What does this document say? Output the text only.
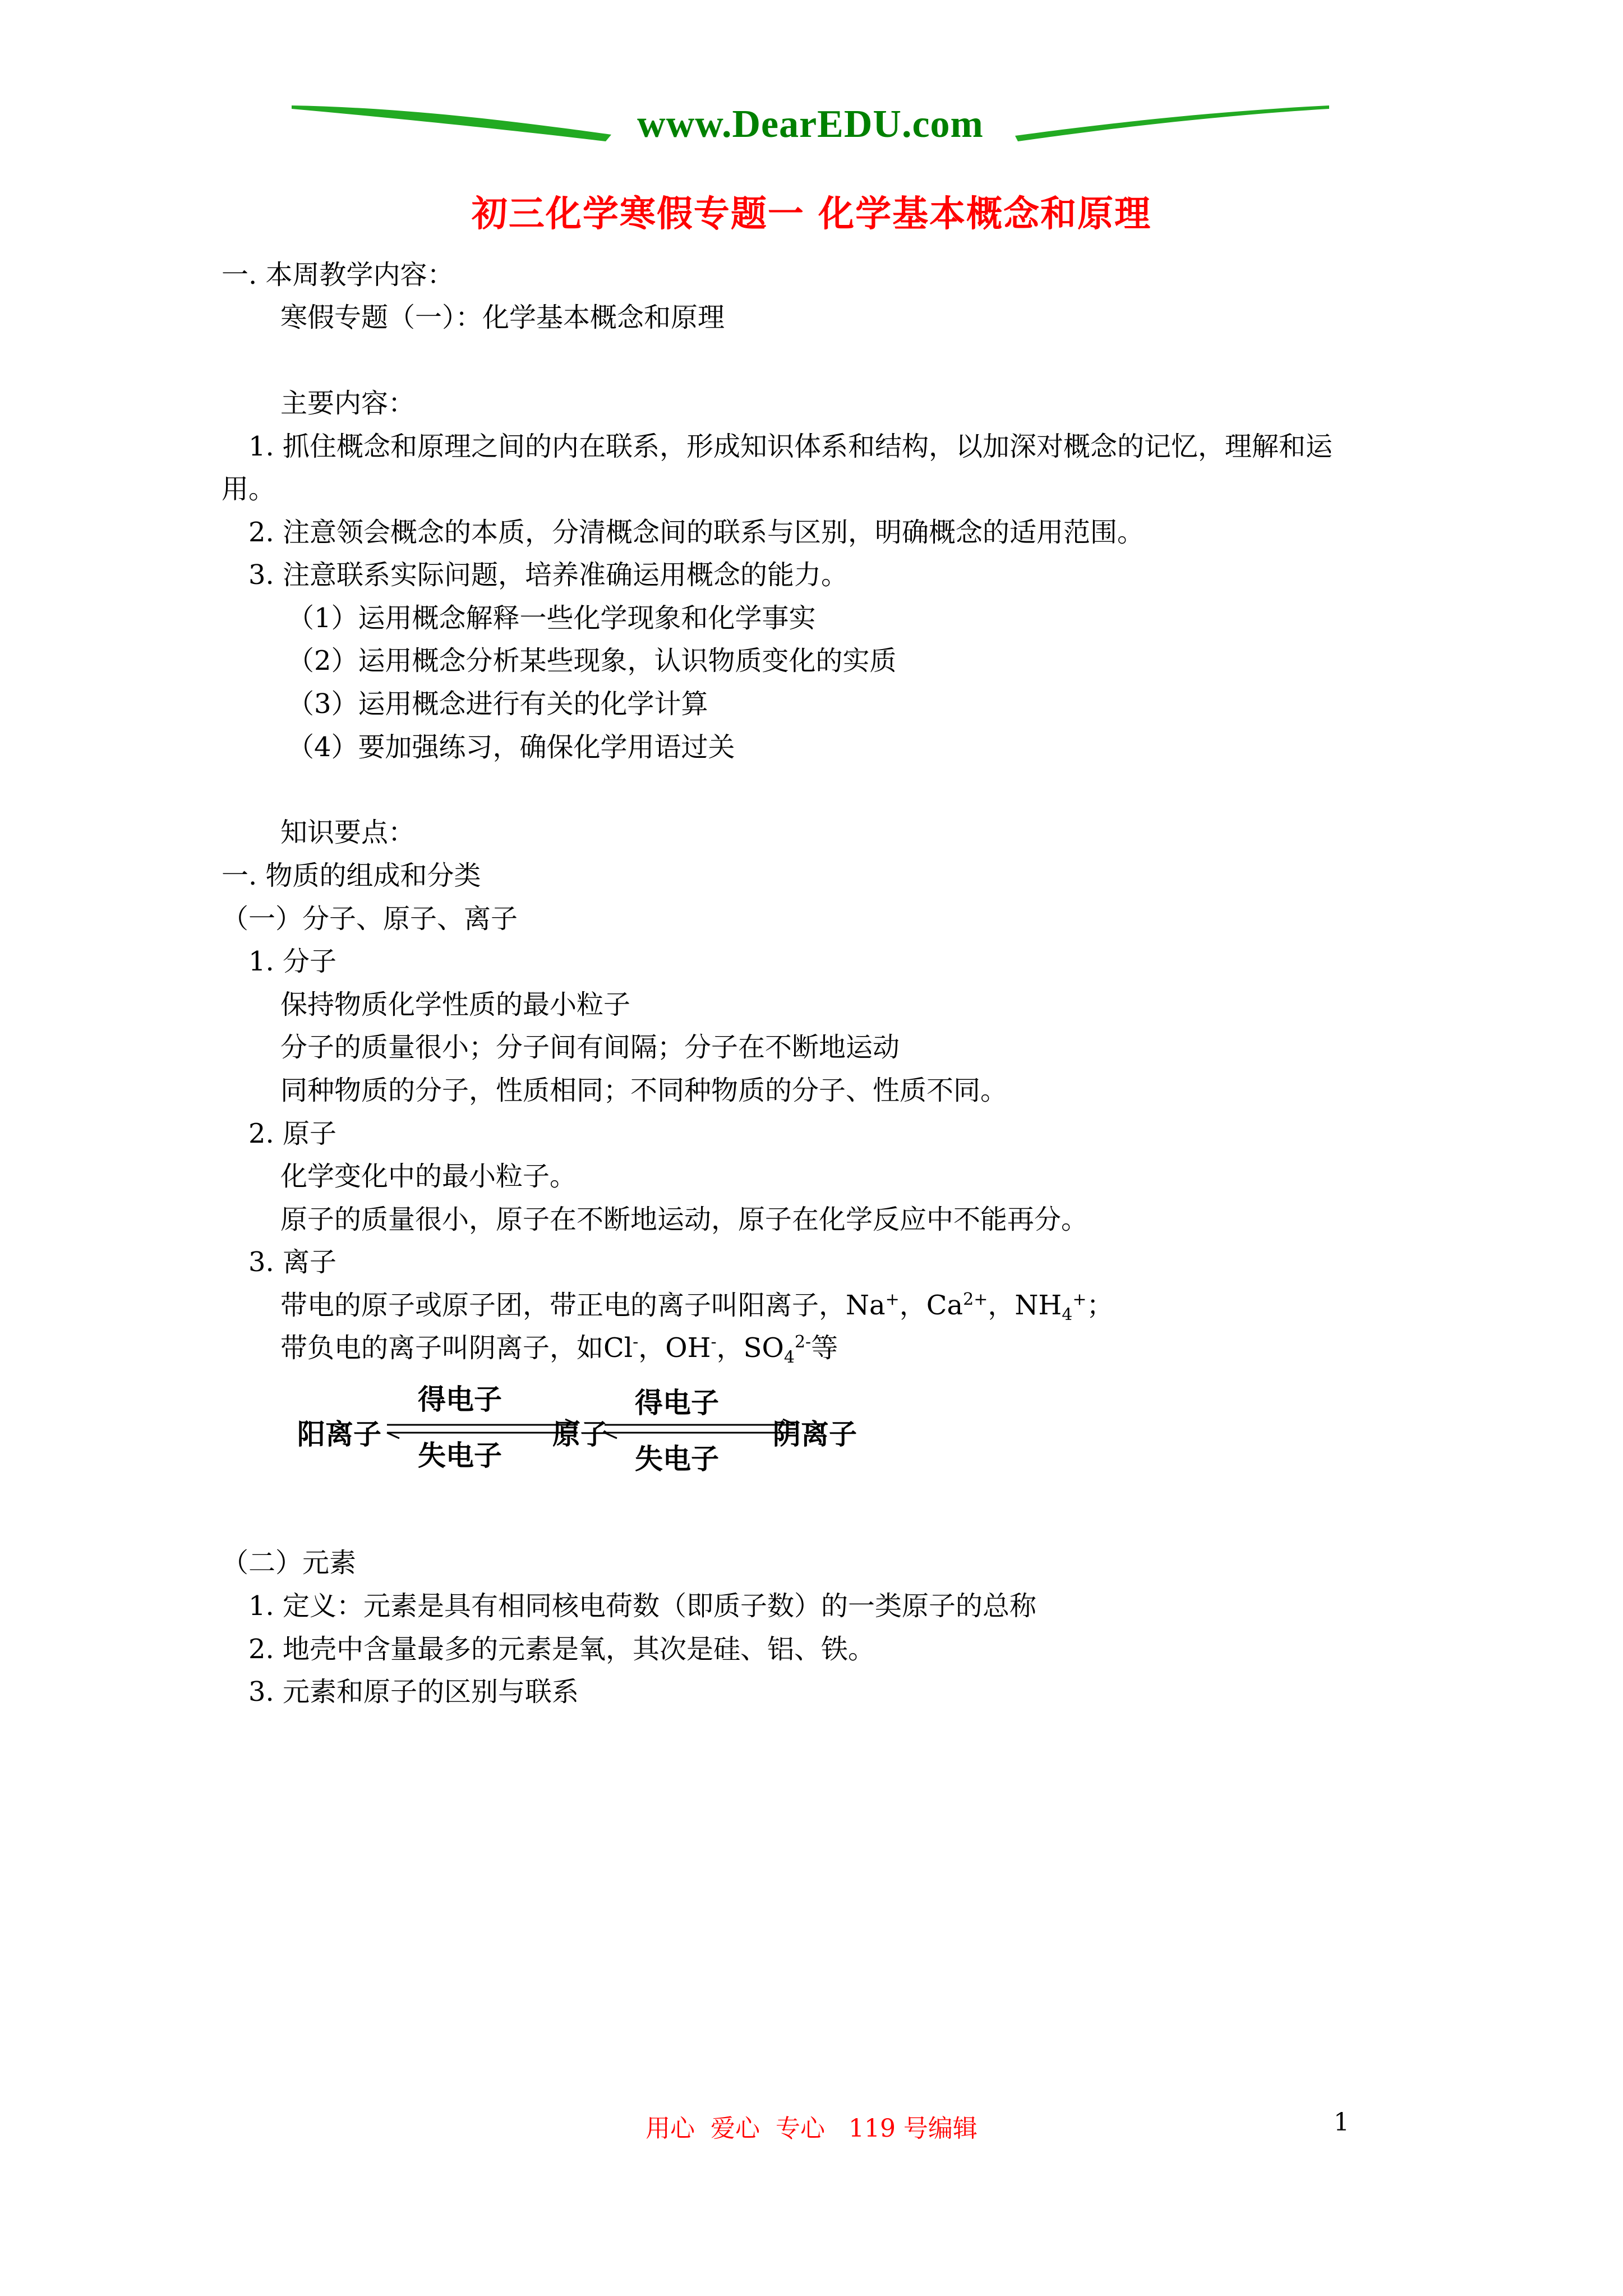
www.DearEDU.com
初三化学寒假专题一 化学基本概念和原理
一. 本周教学内容：
寒假专题（一）：化学基本概念和原理
主要内容：
1. 抓住概念和原理之间的内在联系，形成知识体系和结构，以加深对概念的记忆，理解和运
用。
2. 注意领会概念的本质，分清概念间的联系与区别，明确概念的适用范围。
3. 注意联系实际问题，培养准确运用概念的能力。
（1）运用概念解释一些化学现象和化学事实
（2）运用概念分析某些现象，认识物质变化的实质
（3）运用概念进行有关的化学计算
（4）要加强练习，确保化学用语过关
知识要点：
一. 物质的组成和分类
（一）分子、原子、离子
1. 分子
保持物质化学性质的最小粒子
分子的质量很小；分子间有间隔；分子在不断地运动
同种物质的分子，性质相同；不同种物质的分子、性质不同。
2. 原子
化学变化中的最小粒子。
原子的质量很小，原子在不断地运动，原子在化学反应中不能再分。
3. 离子
带电的原子或原子团，带正电的离子叫阳离子，Na+，$Ca^{2+}$，$NH_4^+$；
带负电的离子叫阴离子，如Cl-，OH-，$SO_4^{2-}$等
阳离子
得电子
失电子
原子
得电子
失电子
阴离子
（二）元素
1. 定义：元素是具有相同核电荷数（即质子数）的一类原子的总称
2. 地壳中含量最多的元素是氧，其次是硅、铝、铁。
3. 元素和原子的区别与联系
用心  爱心  专心   119 号编辑	1
